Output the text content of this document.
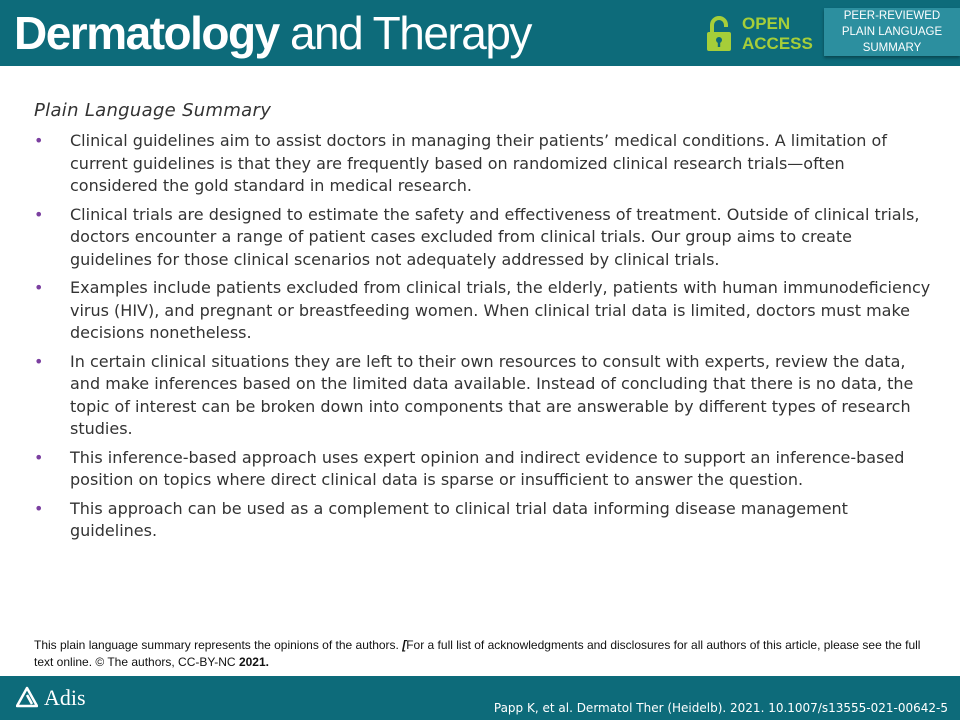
Dermatology and Therapy	OPEN
ACCESS
PEER-REVIEWED
PLAIN LANGUAGE
SUMMARY
Plain Language Summary
• Clinical guidelines aim to assist doctors in managing their patients’ medical conditions. A limitation of current guidelines is that they are frequently based on randomized clinical research trials—often considered the gold standard in medical research.
• Clinical trials are designed to estimate the safety and effectiveness of treatment. Outside of clinical trials, doctors encounter a range of patient cases excluded from clinical trials. Our group aims to create guidelines for those clinical scenarios not adequately addressed by clinical trials.
• Examples include patients excluded from clinical trials, the elderly, patients with human immunodeficiency virus (HIV), and pregnant or breastfeeding women. When clinical trial data is limited, doctors must make decisions nonetheless.
• In certain clinical situations they are left to their own resources to consult with experts, review the data, and make inferences based on the limited data available. Instead of concluding that there is no data, the topic of interest can be broken down into components that are answerable by different types of research studies.
• This inference-based approach uses expert opinion and indirect evidence to support an inference-based position on topics where direct clinical data is sparse or insufficient to answer the question.
• This approach can be used as a complement to clinical trial data informing disease management guidelines.
This plain language summary represents the opinions of the authors. [For a full list of acknowledgments and disclosures for all authors of this article, please see the full text online. © The authors, CC-BY-NC 2021.
Adis	Papp K, et al. Dermatol Ther (Heidelb). 2021. 10.1007/s13555-021-00642-5
